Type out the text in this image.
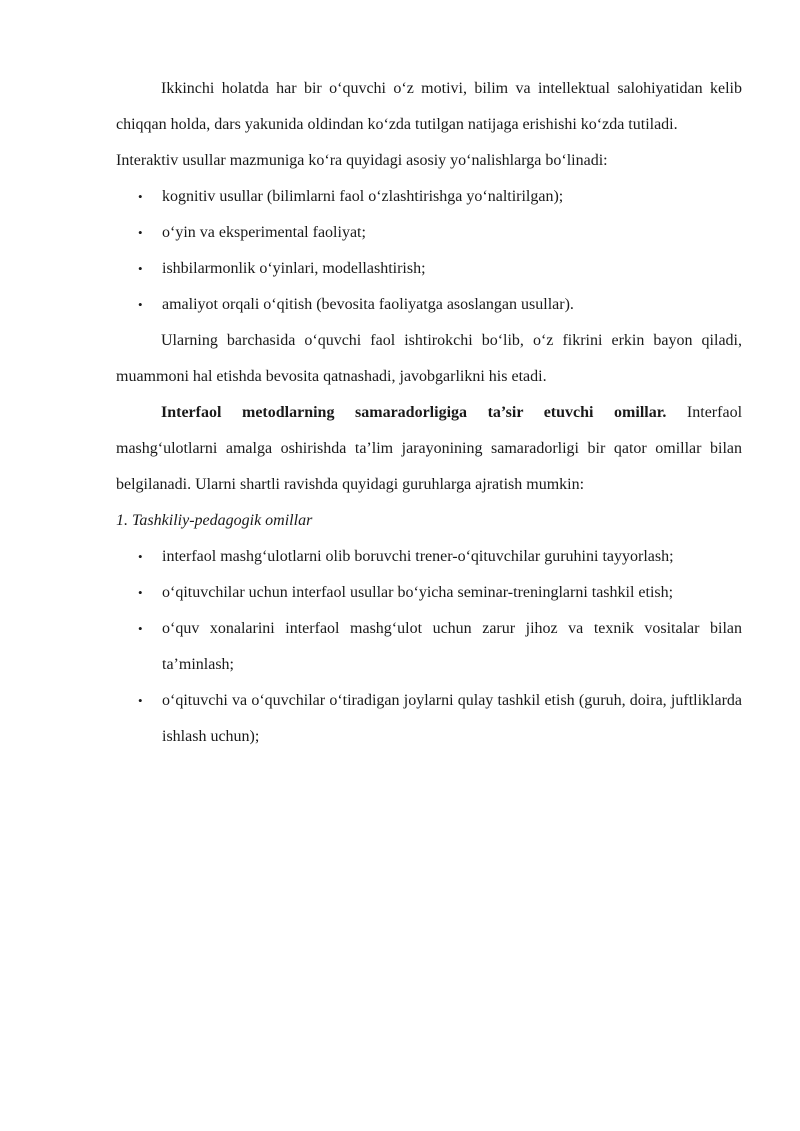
Ikkinchi holatda har bir o‘quvchi o‘z motivi, bilim va intellektual salohiyatidan kelib chiqqan holda, dars yakunida oldindan ko‘zda tutilgan natijaga erishishi ko‘zda tutiladi.

Interaktiv usullar mazmuniga ko‘ra quyidagi asosiy yo‘nalishlarga bo‘linadi:

• kognitiv usullar (bilimlarni faol o‘zlashtirishga yo‘naltirilgan);
• o‘yin va eksperimental faoliyat;
• ishbilarmonlik o‘yinlari, modellashtirish;
• amaliyot orqali o‘qitish (bevosita faoliyatga asoslangan usullar).

Ularning barchasida o‘quvchi faol ishtirokchi bo‘lib, o‘z fikrini erkin bayon qiladi, muammoni hal etishda bevosita qatnashadi, javobgarlikni his etadi.

Interfaol metodlarning samaradorligiga ta’sir etuvchi omillar. Interfaol mashg‘ulotlarni amalga oshirishda ta’lim jarayonining samaradorligi bir qator omillar bilan belgilanadi. Ularni shartli ravishda quyidagi guruhlarga ajratish mumkin:

1. Tashkiliy-pedagogik omillar

• interfaol mashg‘ulotlarni olib boruvchi trener-o‘qituvchilar guruhini tayyorlash;
• o‘qituvchilar uchun interfaol usullar bo‘yicha seminar-treninglarni tashkil etish;
• o‘quv xonalarini interfaol mashg‘ulot uchun zarur jihoz va texnik vositalar bilan ta’minlash;
• o‘qituvchi va o‘quvchilar o‘tiradigan joylarni qulay tashkil etish (guruh, doira, juftliklarda ishlash uchun);
